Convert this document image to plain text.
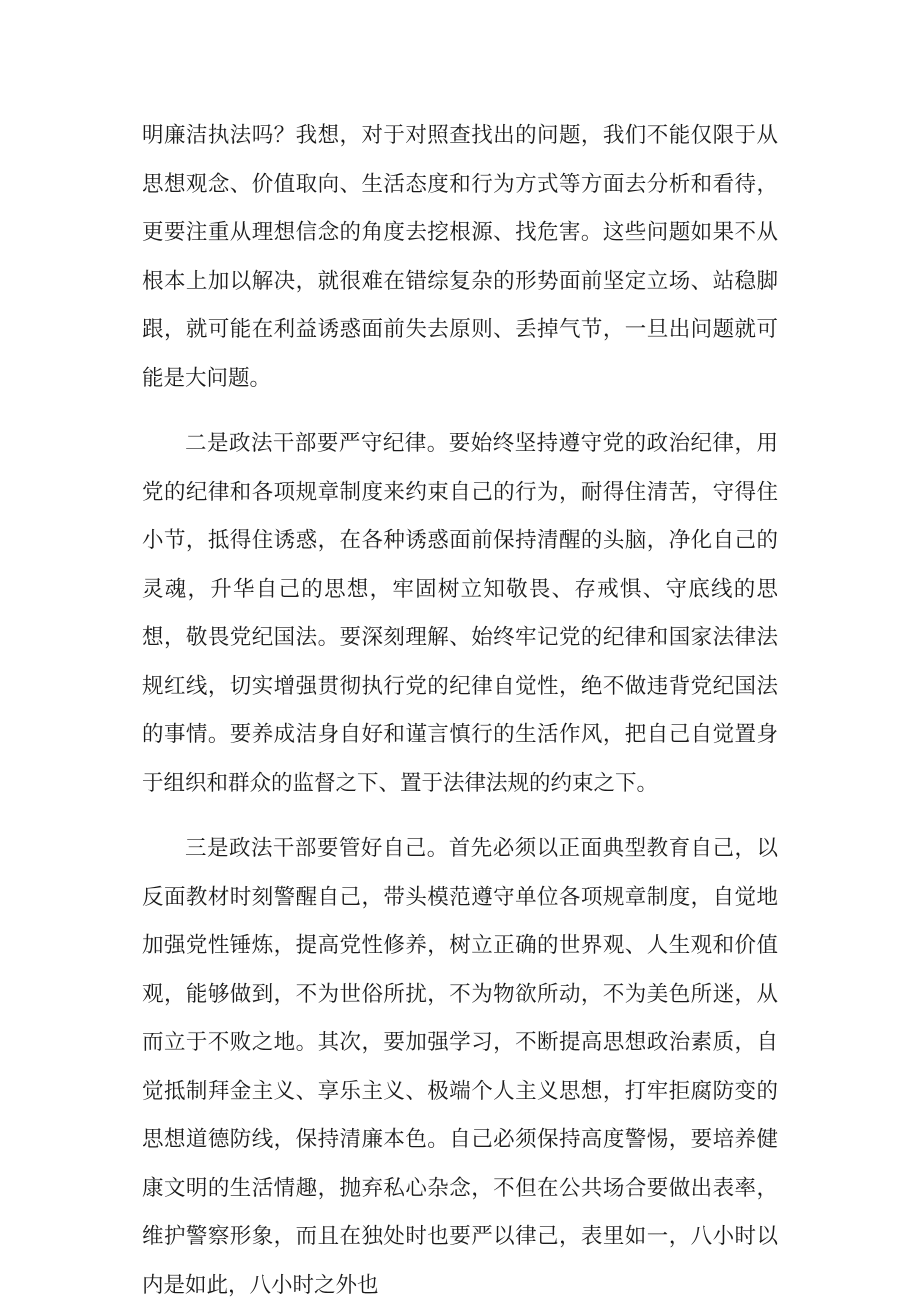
明廉洁执法吗？我想，对于对照查找出的问题，我们不能仅限于从思想观念、价值取向、生活态度和行为方式等方面去分析和看待，更要注重从理想信念的角度去挖根源、找危害。这些问题如果不从根本上加以解决，就很难在错综复杂的形势面前坚定立场、站稳脚跟，就可能在利益诱惑面前失去原则、丢掉气节，一旦出问题就可能是大问题。

二是政法干部要严守纪律。要始终坚持遵守党的政治纪律，用党的纪律和各项规章制度来约束自己的行为，耐得住清苦，守得住小节，抵得住诱惑，在各种诱惑面前保持清醒的头脑，净化自己的灵魂，升华自己的思想，牢固树立知敬畏、存戒惧、守底线的思想，敬畏党纪国法。要深刻理解、始终牢记党的纪律和国家法律法规红线，切实增强贯彻执行党的纪律自觉性，绝不做违背党纪国法的事情。要养成洁身自好和谨言慎行的生活作风，把自己自觉置身于组织和群众的监督之下、置于法律法规的约束之下。

三是政法干部要管好自己。首先必须以正面典型教育自己，以反面教材时刻警醒自己，带头模范遵守单位各项规章制度，自觉地加强党性锤炼，提高党性修养，树立正确的世界观、人生观和价值观，能够做到，不为世俗所扰，不为物欲所动，不为美色所迷，从而立于不败之地。其次，要加强学习，不断提高思想政治素质，自觉抵制拜金主义、享乐主义、极端个人主义思想，打牢拒腐防变的思想道德防线，保持清廉本色。自己必须保持高度警惕，要培养健康文明的生活情趣，抛弃私心杂念，不但在公共场合要做出表率，维护警察形象，而且在独处时也要严以律己，表里如一，八小时以内是如此，八小时之外也
